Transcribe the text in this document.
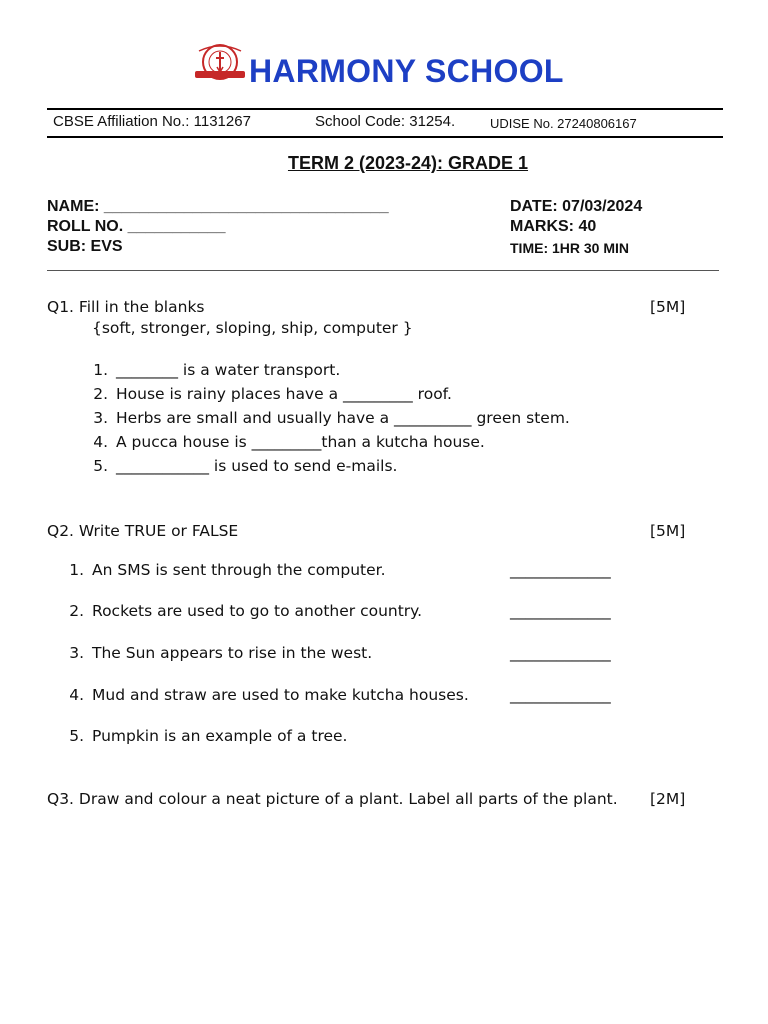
HARMONY SCHOOL
CBSE Affiliation No.: 1131267	School Code: 31254.	UDISE No. 27240806167
TERM 2 (2023-24): GRADE 1
NAME: ________________________________
ROLL NO. ___________
SUB: EVS
DATE: 07/03/2024
MARKS: 40
TIME: 1HR 30 MIN
Q1. Fill in the blanks	[5M]
{soft, stronger, sloping, ship, computer }
1. ________ is a water transport.
2. House is rainy places have a _________ roof.
3. Herbs are small and usually have a __________ green stem.
4. A pucca house is _________than a kutcha house.
5. ____________ is used to send e-mails.
Q2. Write TRUE or FALSE	[5M]
1. An SMS is sent through the computer.	_____________
2. Rockets are used to go to another country.	_____________
3. The Sun appears to rise in the west.	_____________
4. Mud and straw are used to make kutcha houses.	_____________
5. Pumpkin is an example of a tree.
Q3. Draw and colour a neat picture of a plant. Label all parts of the plant. [2M]
